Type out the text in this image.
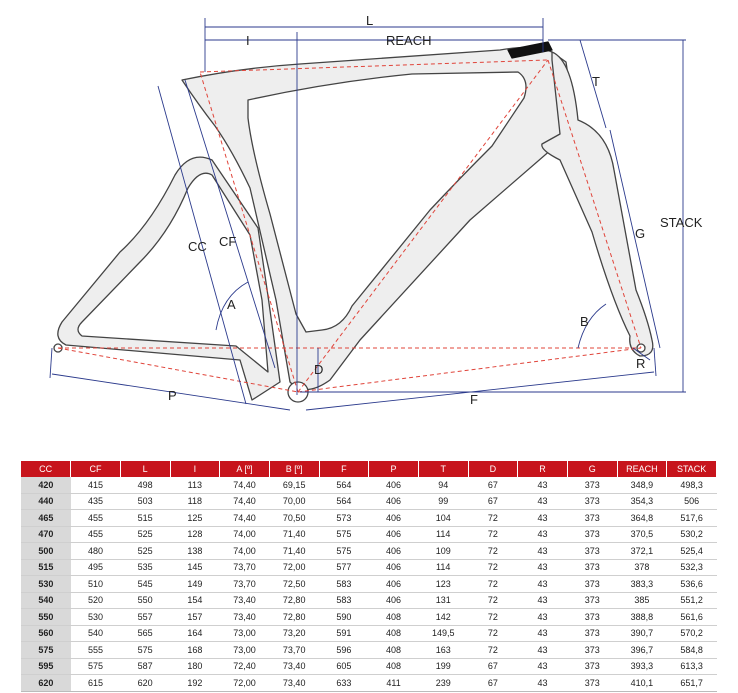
L
I	REACH
T
STACK
G
CC CF
A
B
D	R
P	F
CC	CF	L	I	A [º]	B [º]	F	P	T	D	R	G	REACH	STACK
420	415	498	113	74,40	69,15	564	406	94	67	43	373	348,9	498,3
440	435	503	118	74,40	70,00	564	406	99	67	43	373	354,3	506
465	455	515	125	74,40	70,50	573	406	104	72	43	373	364,8	517,6
470	455	525	128	74,00	71,40	575	406	114	72	43	373	370,5	530,2
500	480	525	138	74,00	71,40	575	406	109	72	43	373	372,1	525,4
515	495	535	145	73,70	72,00	577	406	114	72	43	373	378	532,3
530	510	545	149	73,70	72,50	583	406	123	72	43	373	383,3	536,6
540	520	550	154	73,40	72,80	583	406	131	72	43	373	385	551,2
550	530	557	157	73,40	72,80	590	408	142	72	43	373	388,8	561,6
560	540	565	164	73,00	73,20	591	408	149,5	72	43	373	390,7	570,2
575	555	575	168	73,00	73,70	596	408	163	72	43	373	396,7	584,8
595	575	587	180	72,40	73,40	605	408	199	67	43	373	393,3	613,3
620	615	620	192	72,00	73,40	633	411	239	67	43	373	410,1	651,7
